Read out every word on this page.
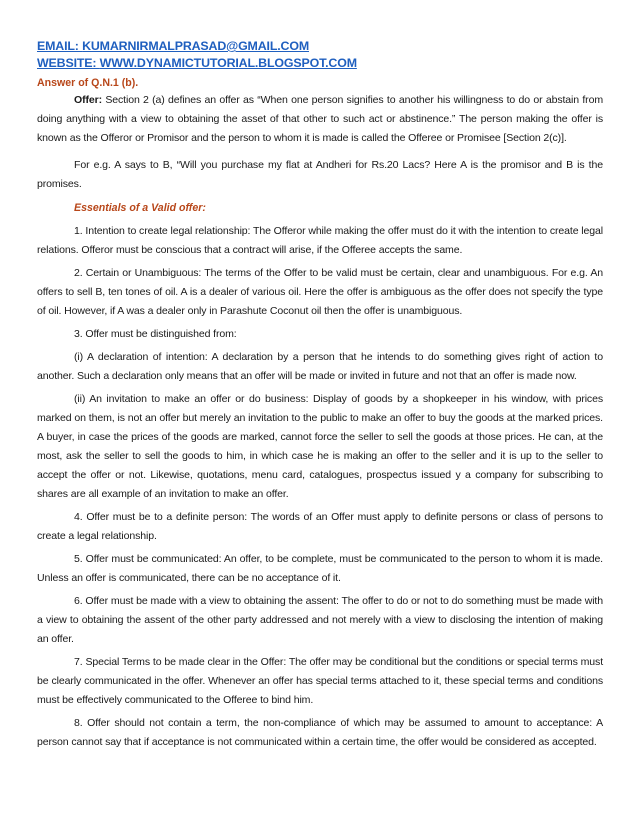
EMAIL: KUMARNIRMALPRASAD@GMAIL.COM
WEBSITE: WWW.DYNAMICTUTORIAL.BLOGSPOT.COM
Answer of Q.N.1 (b).

Offer: Section 2 (a) defines an offer as “When one person signifies to another his willingness to do or abstain from doing anything with a view to obtaining the asset of that other to such act or abstinence.” The person making the offer is known as the Offeror or Promisor and the person to whom it is made is called the Offeree or Promisee [Section 2(c)].

For e.g. A says to B, “Will you purchase my flat at Andheri for Rs.20 Lacs? Here A is the promisor and B is the promises.

Essentials of a Valid offer:

1. Intention to create legal relationship: The Offeror while making the offer must do it with the intention to create legal relations. Offeror must be conscious that a contract will arise, if the Offeree accepts the same.

2. Certain or Unambiguous: The terms of the Offer to be valid must be certain, clear and unambiguous. For e.g. An offers to sell B, ten tones of oil. A is a dealer of various oil. Here the offer is ambiguous as the offer does not specify the type of oil. However, if A was a dealer only in Parashute Coconut oil then the offer is unambiguous.

3. Offer must be distinguished from:

(i) A declaration of intention: A declaration by a person that he intends to do something gives right of action to another. Such a declaration only means that an offer will be made or invited in future and not that an offer is made now.

(ii) An invitation to make an offer or do business: Display of goods by a shopkeeper in his window, with prices marked on them, is not an offer but merely an invitation to the public to make an offer to buy the goods at the marked prices. A buyer, in case the prices of the goods are marked, cannot force the seller to sell the goods at those prices. He can, at the most, ask the seller to sell the goods to him, in which case he is making an offer to the seller and it is up to the seller to accept the offer or not. Likewise, quotations, menu card, catalogues, prospectus issued y a company for subscribing to shares are all example of an invitation to make an offer.

4. Offer must be to a definite person: The words of an Offer must apply to definite persons or class of persons to create a legal relationship.

5. Offer must be communicated: An offer, to be complete, must be communicated to the person to whom it is made. Unless an offer is communicated, there can be no acceptance of it.

6. Offer must be made with a view to obtaining the assent: The offer to do or not to do something must be made with a view to obtaining the assent of the other party addressed and not merely with a view to disclosing the intention of making an offer.

7. Special Terms to be made clear in the Offer: The offer may be conditional but the conditions or special terms must be clearly communicated in the offer. Whenever an offer has special terms attached to it, these special terms and conditions must be effectively communicated to the Offeree to bind him.

8. Offer should not contain a term, the non-compliance of which may be assumed to amount to acceptance: A person cannot say that if acceptance is not communicated within a certain time, the offer would be considered as accepted.
